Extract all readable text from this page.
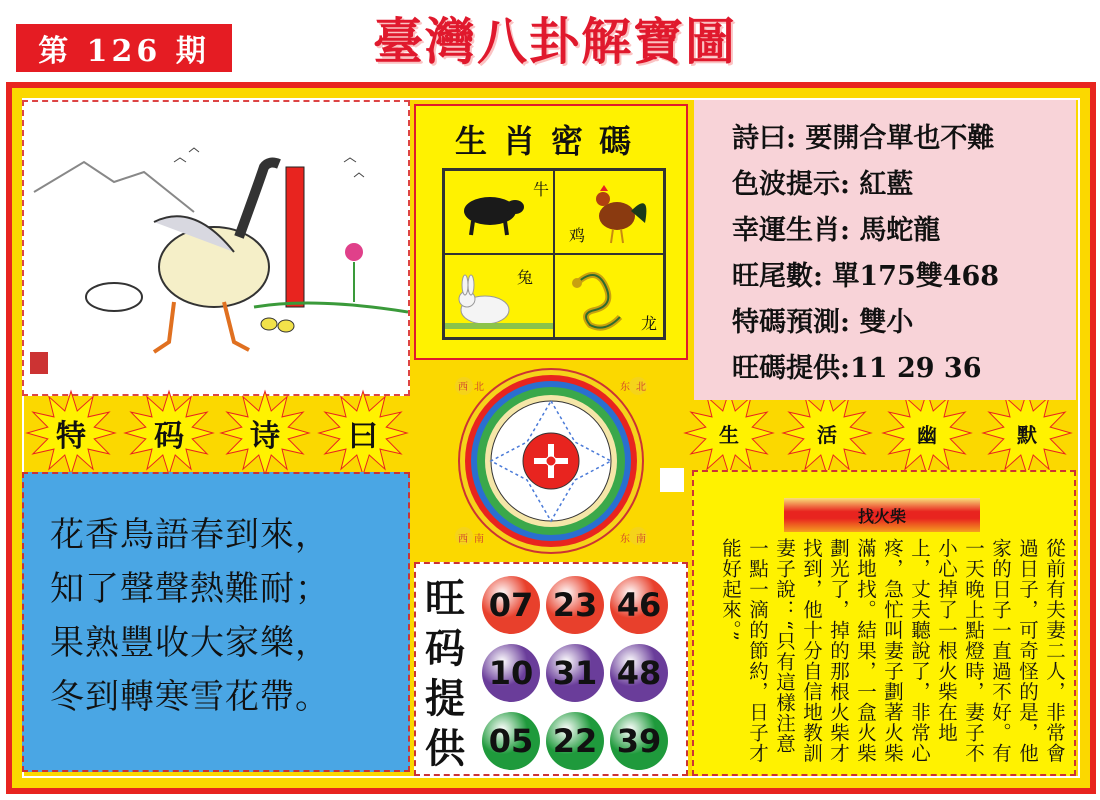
第 126 期	臺灣八卦解寶圖
特	码	诗	曰	生	活	幽	默
花香鳥語春到來，
知了聲聲熱難耐；
果熟豐收大家樂，
冬到轉寒雪花帶。
生肖密碼
牛
鸡
兔
龙
詩曰: 要開合單也不難
色波提示: 紅藍
幸運生肖: 馬蛇龍
旺尾數: 單175雙468
特碼預測: 雙小
旺碼提供:11 29 36
西 北	东 北
西 南	东 南
旺码提供
07 23 46
10 31 48
05 22 39
找火柴
從前有夫妻二人，非常會過日子，可奇怪的是，他家的日子一直過不好。有一天晚上點燈時，妻子不小心掉了一根火柴在地上，丈夫聽說了，非常心疼，急忙叫妻子劃著火柴滿地找。結果，一盒火柴劃光了，掉的那根火柴才找到，他十分自信地教訓妻子說：“只有這樣注意一點一滴的節約，日子才能好起來。”
